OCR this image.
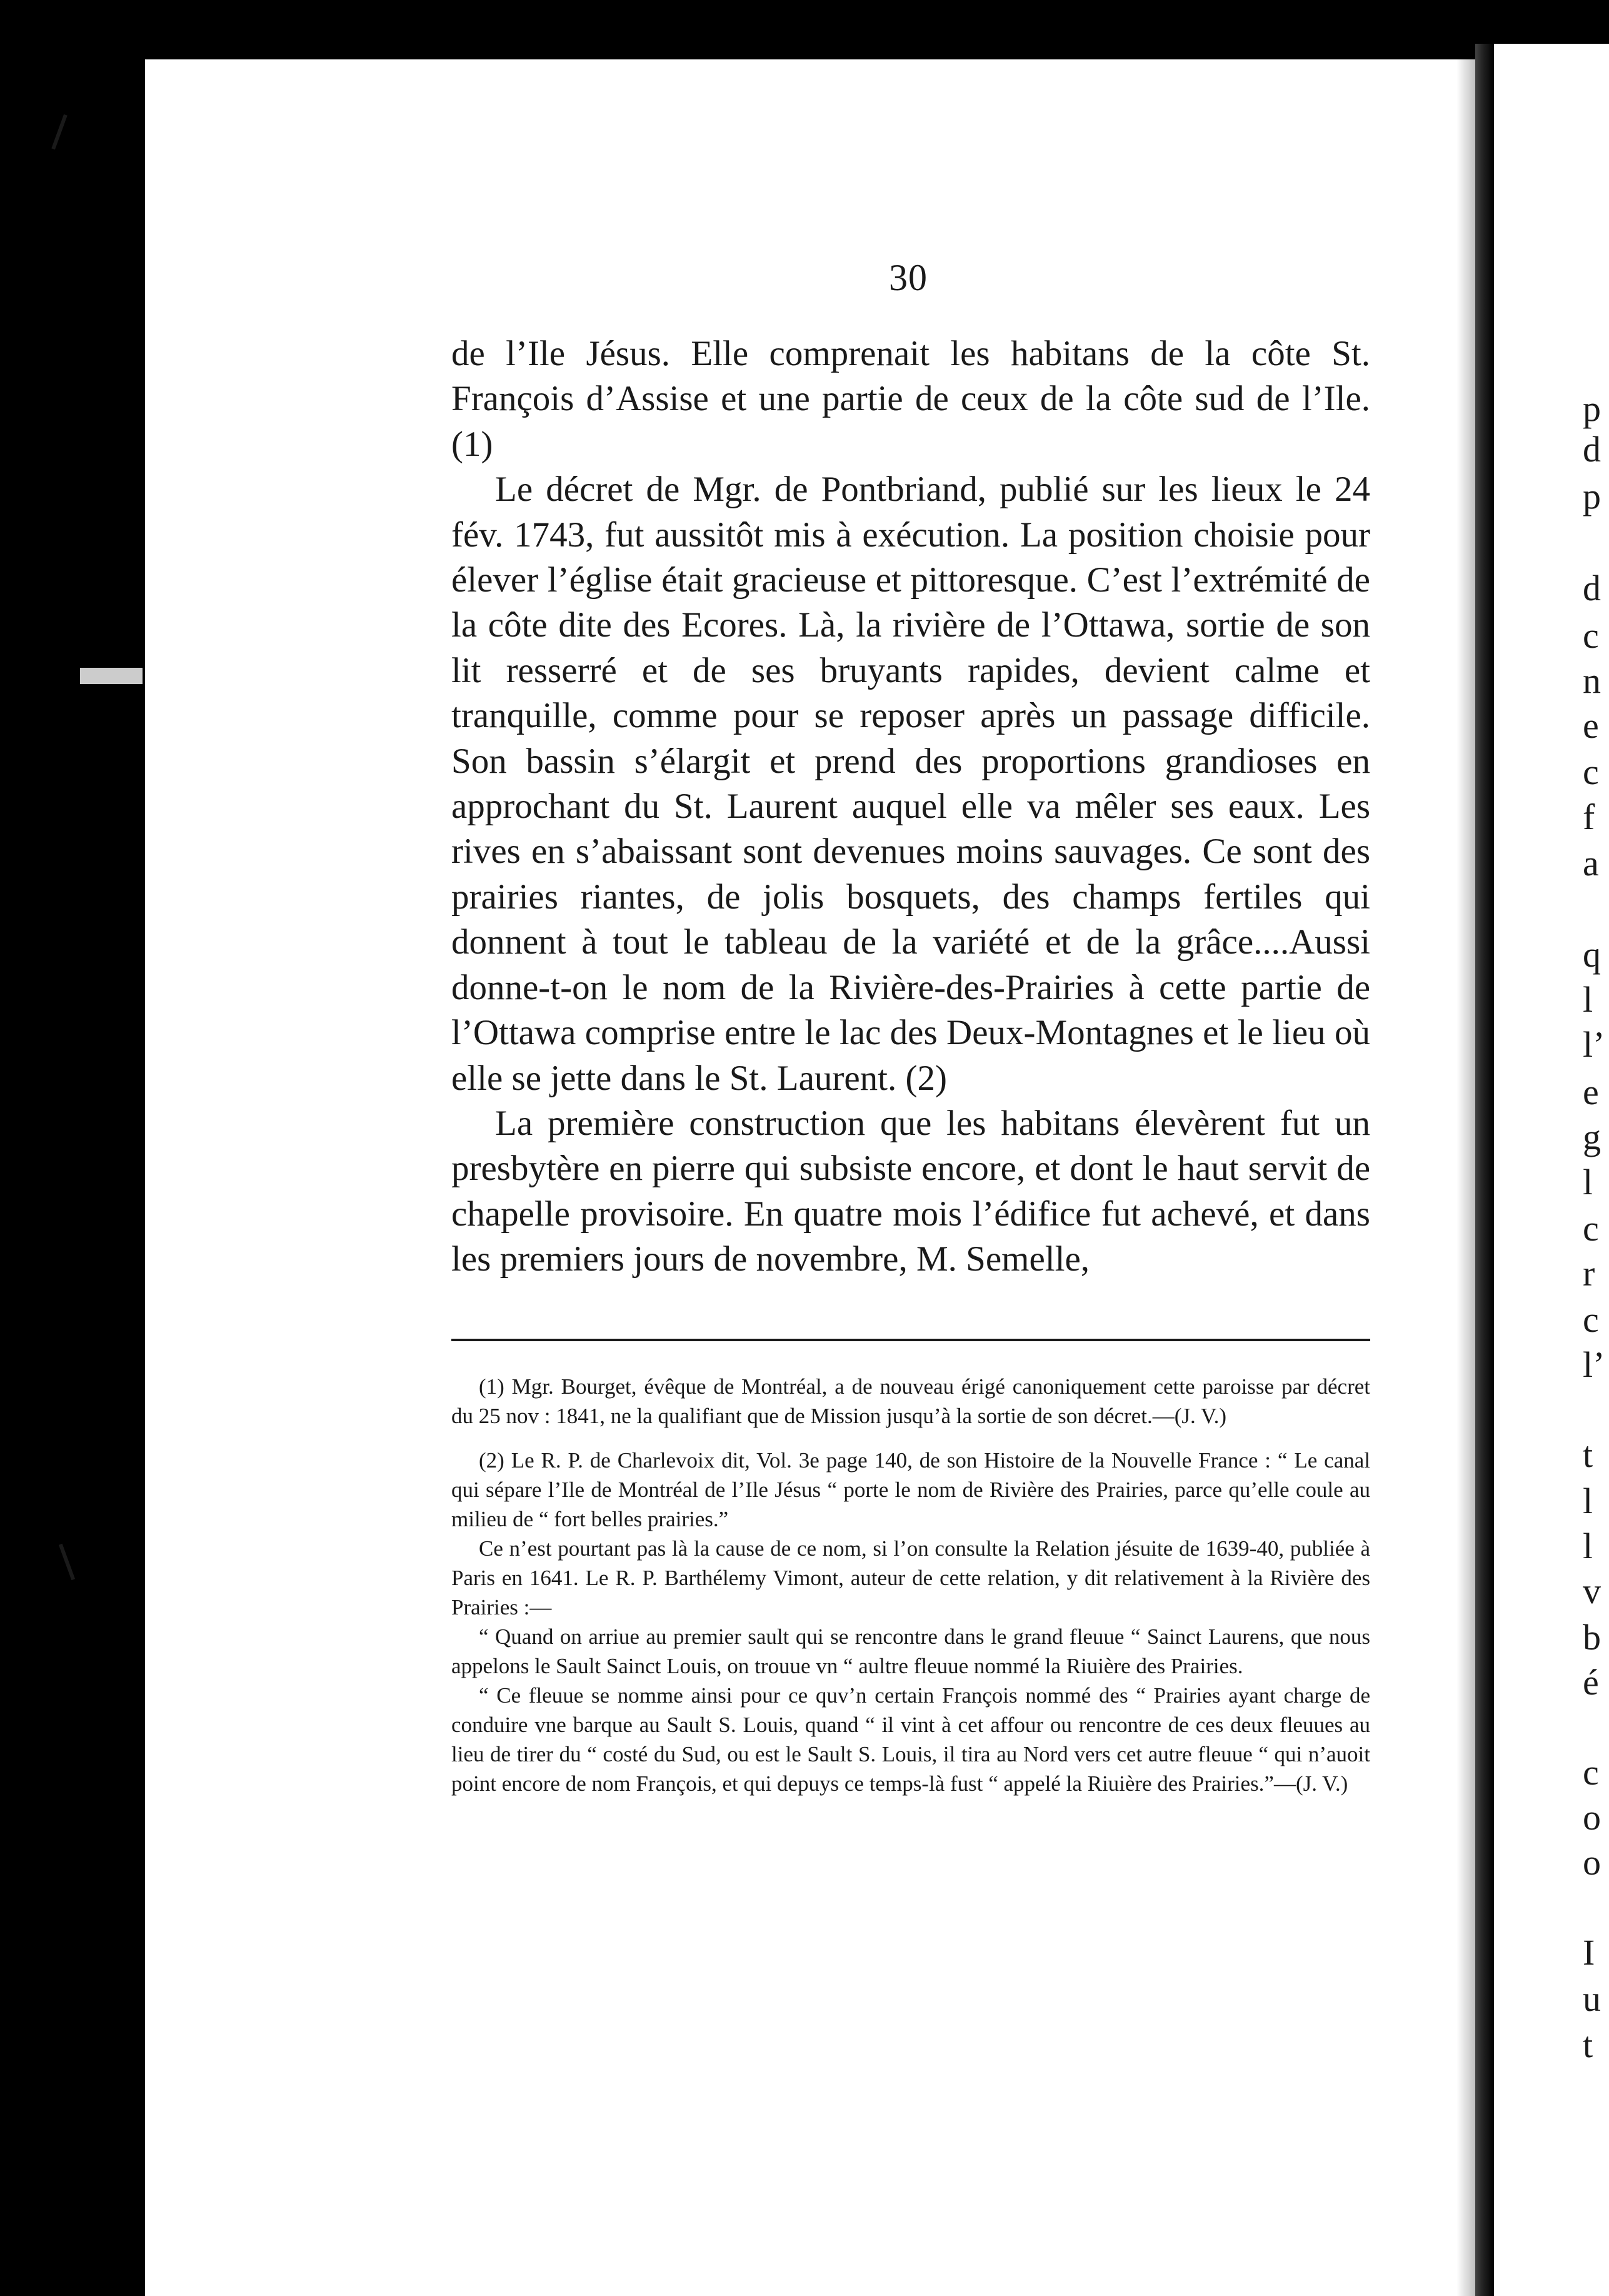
p
d
p
d
c
n
e
c
f
a
q
l
l’
e
g
l
c
r
c
l’
t
l
l
v
b
é
c
o
o
I
u
t
30

de l’Ile Jésus. Elle comprenait les habitans de la côte St. François d’Assise et une partie de ceux de la côte sud de l’Ile. (1)

Le décret de Mgr. de Pontbriand, publié sur les lieux le 24 fév. 1743, fut aussitôt mis à exécution. La position choisie pour élever l’église était gracieuse et pittoresque. C’est l’extrémité de la côte dite des Ecores. Là, la rivière de l’Ottawa, sortie de son lit resserré et de ses bruyants rapides, devient calme et tranquille, comme pour se reposer après un passage difficile. Son bassin s’élargit et prend des proportions grandioses en approchant du St. Laurent auquel elle va mêler ses eaux. Les rives en s’abaissant sont devenues moins sauvages. Ce sont des prairies riantes, de jolis bosquets, des champs fertiles qui donnent à tout le tableau de la variété et de la grâce....Aussi donne-t-on le nom de la Rivière-des-Prairies à cette partie de l’Ottawa comprise entre le lac des Deux-Montagnes et le lieu où elle se jette dans le St. Laurent. (2)

La première construction que les habitans élevèrent fut un presbytère en pierre qui subsiste encore, et dont le haut servit de chapelle provisoire. En quatre mois l’édifice fut achevé, et dans les premiers jours de novembre, M. Semelle,

(1) Mgr. Bourget, évêque de Montréal, a de nouveau érigé canoniquement cette paroisse par décret du 25 nov : 1841, ne la qualifiant que de Mission jusqu’à la sortie de son décret.—(J. V.)

(2) Le R. P. de Charlevoix dit, Vol. 3e page 140, de son Histoire de la Nouvelle France : “ Le canal qui sépare l’Ile de Montréal de l’Ile Jésus “ porte le nom de Rivière des Prairies, parce qu’elle coule au milieu de “ fort belles prairies.”

Ce n’est pourtant pas là la cause de ce nom, si l’on consulte la Relation jésuite de 1639-40, publiée à Paris en 1641. Le R. P. Barthélemy Vimont, auteur de cette relation, y dit relativement à la Rivière des Prairies :—

“ Quand on arriue au premier sault qui se rencontre dans le grand fleuue “ Sainct Laurens, que nous appelons le Sault Sainct Louis, on trouue vn “ aultre fleuue nommé la Riuière des Prairies.

“ Ce fleuue se nomme ainsi pour ce quv’n certain François nommé des “ Prairies ayant charge de conduire vne barque au Sault S. Louis, quand “ il vint à cet affour ou rencontre de ces deux fleuues au lieu de tirer du “ costé du Sud, ou est le Sault S. Louis, il tira au Nord vers cet autre fleuue “ qui n’auoit point encore de nom François, et qui depuys ce temps-là fust “ appelé la Riuière des Prairies.”—(J. V.)
